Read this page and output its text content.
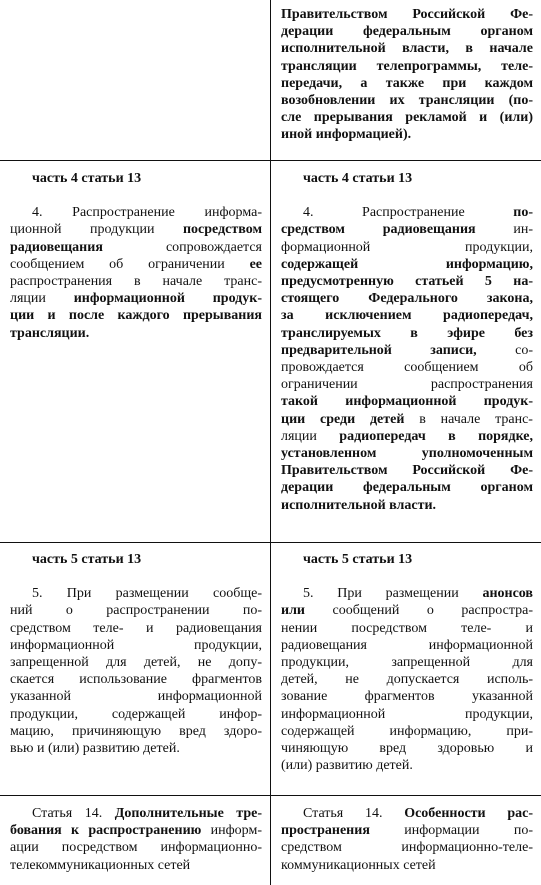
Правительством Российской Фе-
дерации федеральным органом
исполнительной власти, в начале
трансляции телепрограммы, теле-
передачи, а также при каждом
возобновлении их трансляции (по-
сле прерывания рекламой и (или)
иной информацией).
часть 4 статьи 13
4. Распространение информа-
ционной продукции посредством
радиовещания сопровождается
сообщением об ограничении ее
распространения в начале транс-
ляции информационной продук-
ции и после каждого прерывания
трансляции.
часть 4 статьи 13
4. Распространение по-
средством радиовещания ин-
формационной продукции,
содержащей информацию,
предусмотренную статьей 5 на-
стоящего Федерального закона,
за исключением радиопередач,
транслируемых в эфире без
предварительной записи, со-
провождается сообщением об
ограничении распространения
такой информационной продук-
ции среди детей в начале транс-
ляции радиопередач в порядке,
установленном уполномоченным
Правительством Российской Фе-
дерации федеральным органом
исполнительной власти.
часть 5 статьи 13
5. При размещении сообще-
ний о распространении по-
средством теле- и радиовещания
информационной продукции,
запрещенной для детей, не допу-
скается использование фрагментов
указанной информационной
продукции, содержащей инфор-
мацию, причиняющую вред здоро-
вью и (или) развитию детей.
часть 5 статьи 13
5. При размещении анонсов
или сообщений о распростра-
нении посредством теле- и
радиовещания информационной
продукции, запрещенной для
детей, не допускается исполь-
зование фрагментов указанной
информационной продукции,
содержащей информацию, при-
чиняющую вред здоровью и
(или) развитию детей.
Статья 14. Дополнительные тре-
бования к распространению информ-
ации посредством информационно-
телекоммуникационных сетей
Статья 14. Особенности рас-
пространения информации по-
средством информационно-теле-
коммуникационных сетей
